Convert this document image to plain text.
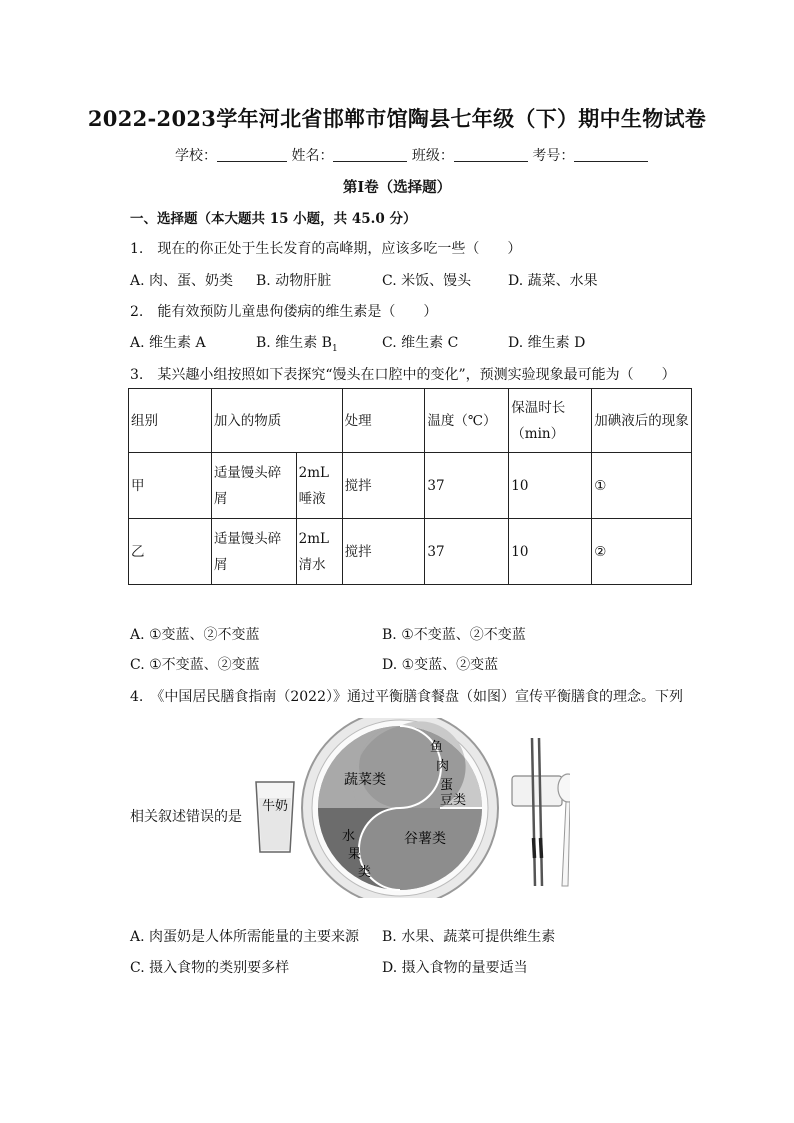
2022-2023学年河北省邯郸市馆陶县七年级（下）期中生物试卷
学校：	姓名：	班级：	考号：
第Ⅰ卷（选择题）
一、选择题（本大题共 15 小题，共 45.0 分）
1.　现在的你正处于生长发育的高峰期，应该多吃一些（　　）
A. 肉、蛋、奶类 B. 动物肝脏	C. 米饭、馒头	D. 蔬菜、水果
2.　能有效预防儿童患佝偻病的维生素是（　　）
A. 维生素 A	B. 维生素 $B_1$	C. 维生素 C	D. 维生素 D
3.　某兴趣小组按照如下表探究“馒头在口腔中的变化”，预测实验现象最可能为（　　）
组别	加入的物质		处理	温度（℃）	保温时长（min）	加碘液后的现象
甲	适量馒头碎屑	2mL 唾液	搅拌	37	10	①
乙	适量馒头碎屑	2mL 清水	搅拌	37	10	②
A. ①变蓝、②不变蓝	B. ①不变蓝、②不变蓝
C. ①不变蓝、②变蓝	D. ①变蓝、②变蓝
4.　《中国居民膳食指南（2022）》通过平衡膳食餐盘（如图）宣传平衡膳食的理念。下列
相关叙述错误的是
牛奶
蔬菜类
鱼
肉
蛋
豆类
水
果
类
谷薯类
A. 肉蛋奶是人体所需能量的主要来源 B. 水果、蔬菜可提供维生素
C. 摄入食物的类别要多样	D. 摄入食物的量要适当
